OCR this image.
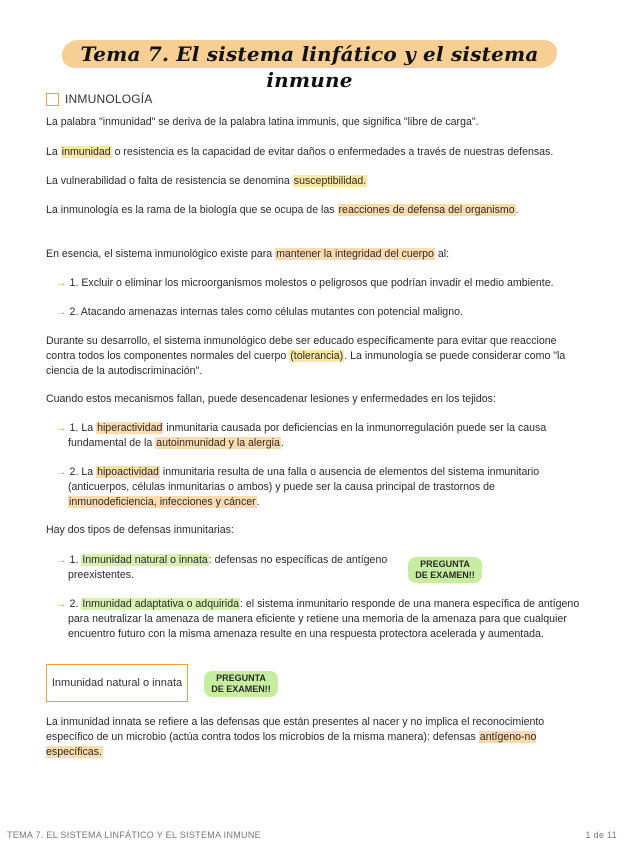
Tema 7. El sistema linfático y el sistema inmune
INMUNOLOGÍA
La palabra "inmunidad" se deriva de la palabra latina immunis, que significa "libre de carga".
La inmunidad o resistencia es la capacidad de evitar daños o enfermedades a través de nuestras defensas.
La vulnerabilidad o falta de resistencia se denomina susceptibilidad.
La inmunología es la rama de la biología que se ocupa de las reacciones de defensa del organismo.
En esencia, el sistema inmunológico existe para mantener la integridad del cuerpo al:
→ 1. Excluir o eliminar los microorganismos molestos o peligrosos que podrían invadir el medio ambiente.
→ 2. Atacando amenazas internas tales como células mutantes con potencial maligno.
Durante su desarrollo, el sistema inmunológico debe ser educado específicamente para evitar que reaccione contra todos los componentes normales del cuerpo (tolerancia). La inmunología se puede considerar como "la ciencia de la autodiscriminación".
Cuando estos mecanismos fallan, puede desencadenar lesiones y enfermedades en los tejidos:
→ 1. La hiperactividad inmunitaria causada por deficiencias en la inmunorregulación puede ser la causa fundamental de la autoinmunidad y la alergia.
→ 2. La hipoactividad inmunitaria resulta de una falla o ausencia de elementos del sistema inmunitario (anticuerpos, células inmunitarias o ambos) y puede ser la causa principal de trastornos de inmunodeficiencia, infecciones y cáncer.
Hay dos tipos de defensas inmunitarias:
→ 1. Inmunidad natural o innata: defensas no específicas de antígeno preexistentes.
PREGUNTA DE EXAMEN!!
→ 2. Inmunidad adaptativa o adquirida: el sistema inmunitario responde de una manera específica de antígeno para neutralizar la amenaza de manera eficiente y retiene una memoria de la amenaza para que cualquier encuentro futuro con la misma amenaza resulte en una respuesta protectora acelerada y aumentada.
Inmunidad natural o innata	PREGUNTA DE EXAMEN!!
La inmunidad innata se refiere a las defensas que están presentes al nacer y no implica el reconocimiento específico de un microbio (actúa contra todos los microbios de la misma manera): defensas antígeno-no específicas.
TEMA 7. EL SISTEMA LINFÁTICO Y EL SISTEMA INMUNE	1 de 11
